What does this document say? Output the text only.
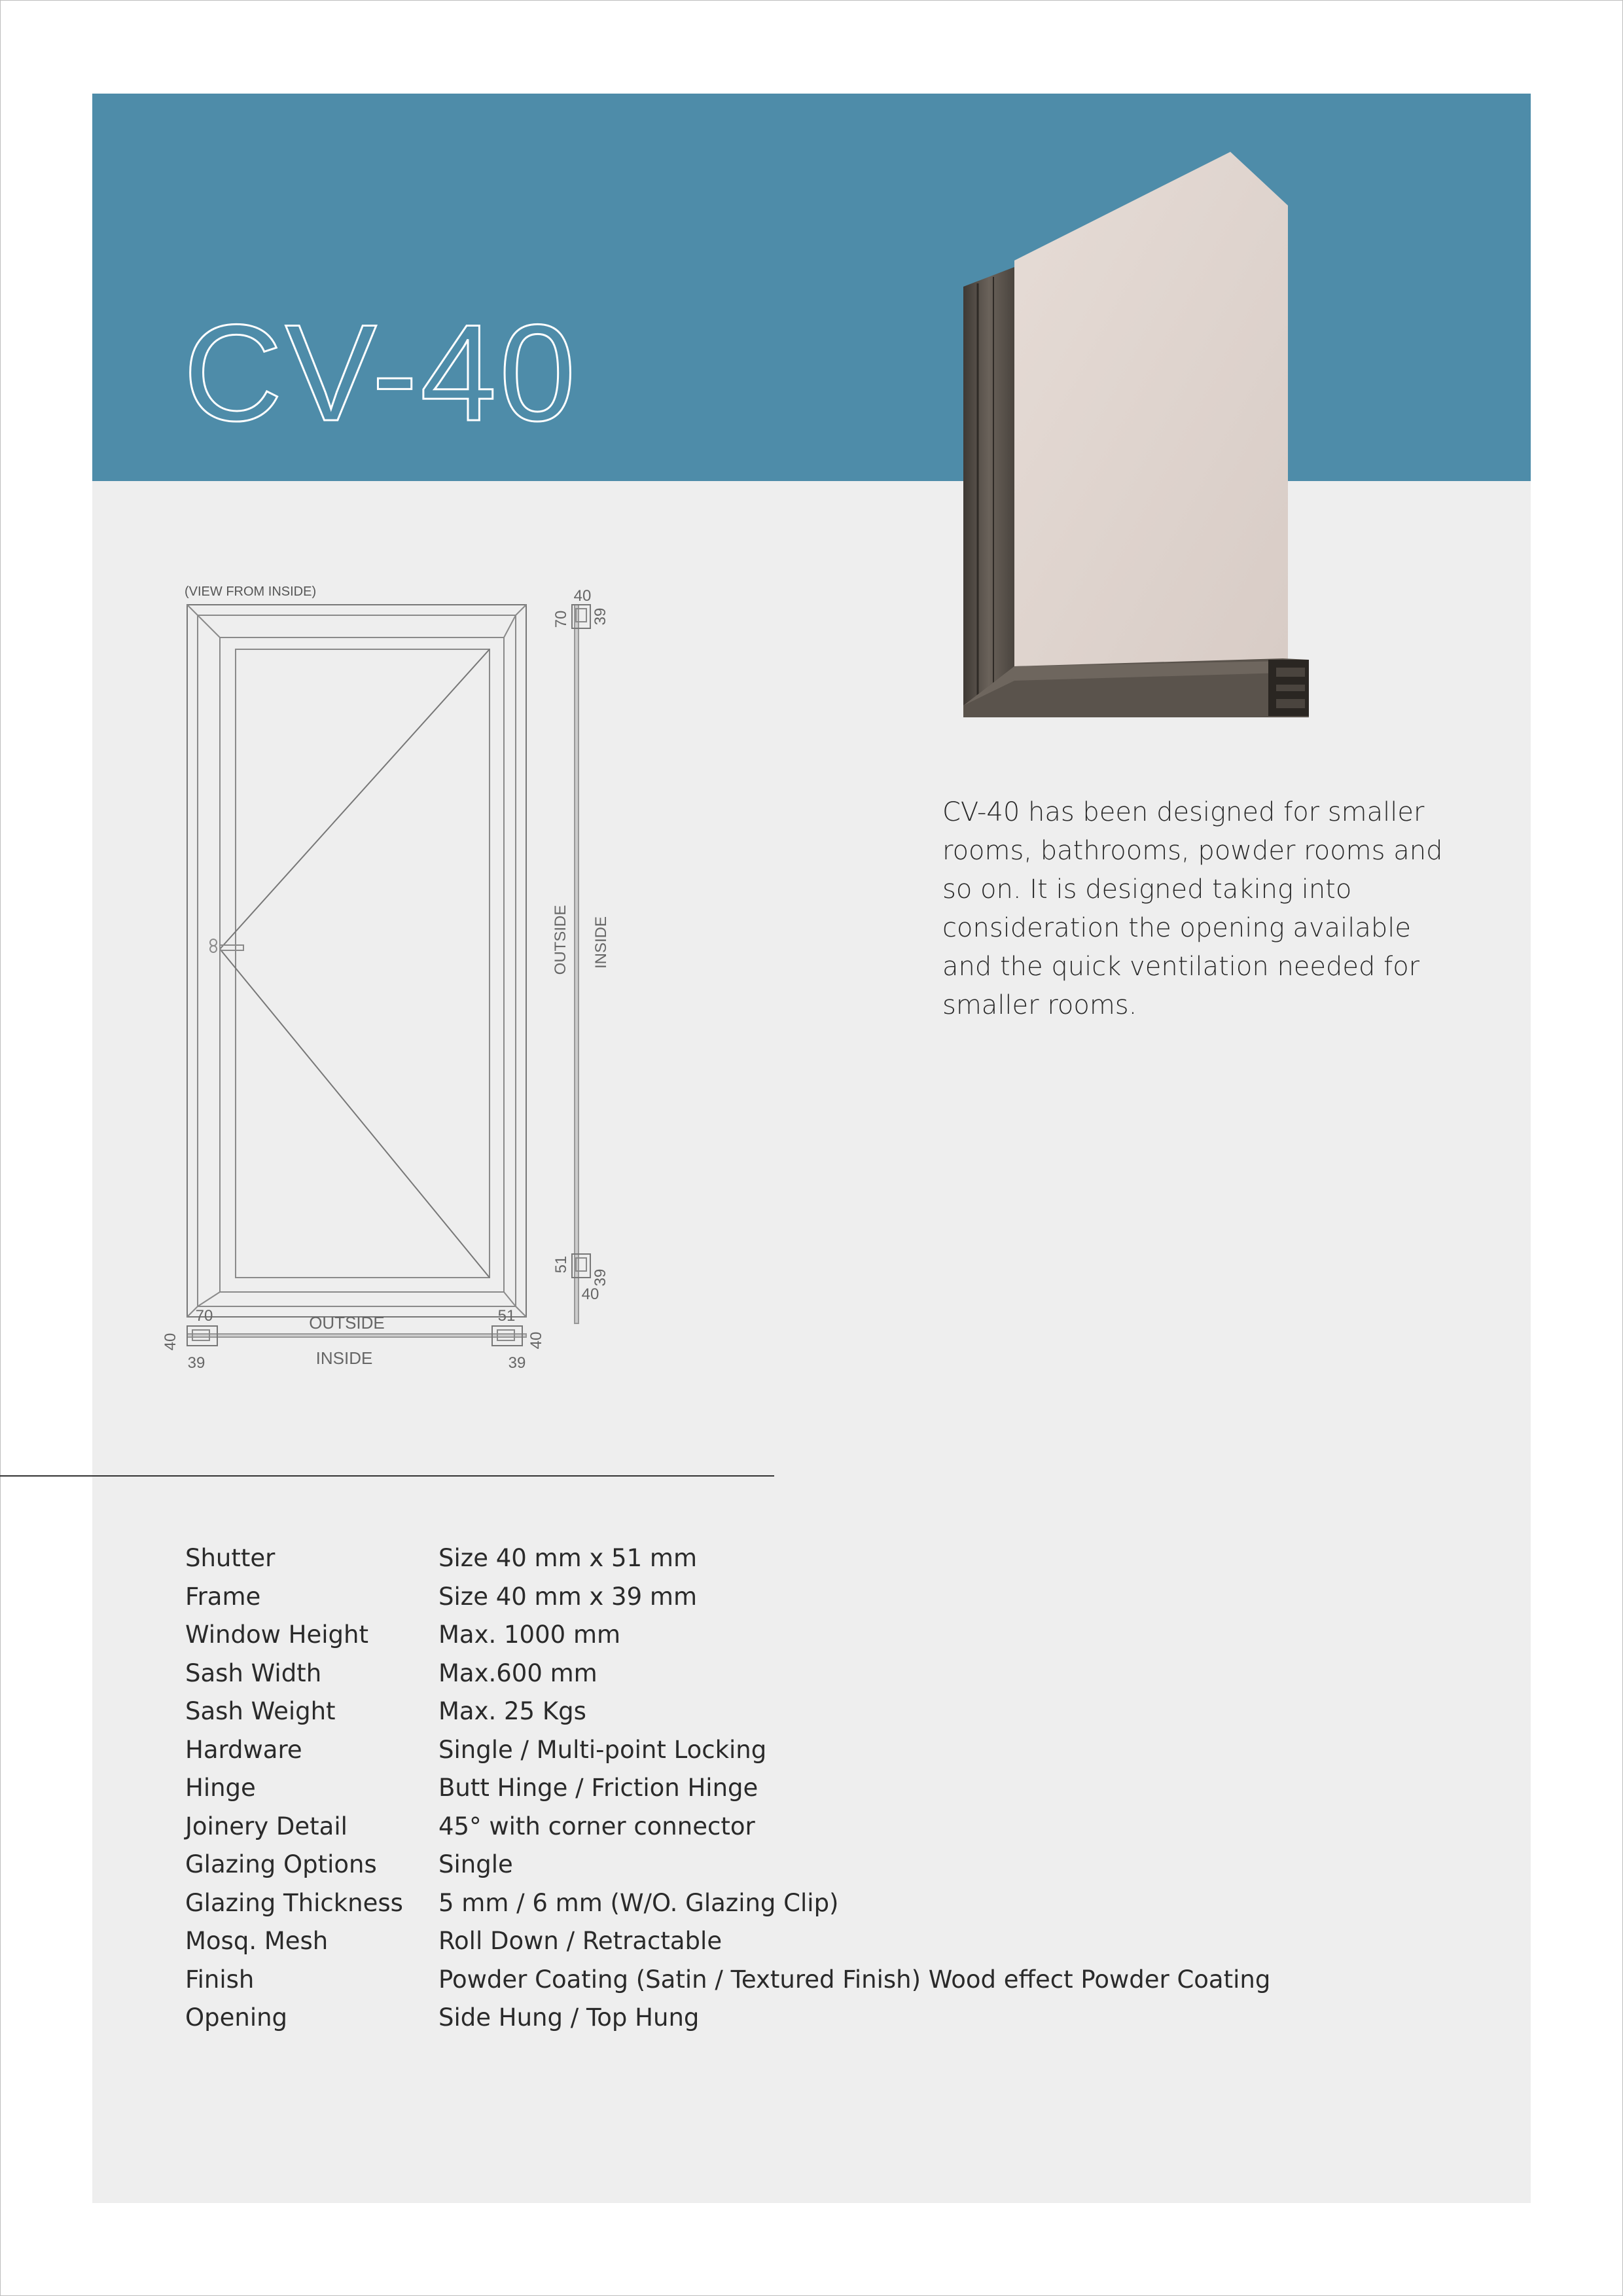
CV-40
CV-40 has been designed for smaller rooms, bathrooms, powder rooms and so on. It is designed taking into consideration the opening available and the quick ventilation needed for smaller rooms.
(VIEW FROM INSIDE)	40
70 39
OUTSIDE INSIDE
51
40
39
70
40
39
OUTSIDE
INSIDE
51
40
39
Shutter	Size 40 mm x 51 mm
Frame	Size 40 mm x 39 mm
Window Height	Max. 1000 mm
Sash Width	Max.600 mm
Sash Weight	Max. 25 Kgs
Hardware	Single / Multi-point Locking
Hinge	Butt Hinge / Friction Hinge
Joinery Detail	45° with corner connector
Glazing Options	Single
Glazing Thickness	5 mm / 6 mm (W/O. Glazing Clip)
Mosq. Mesh	Roll Down / Retractable
Finish	Powder Coating (Satin / Textured Finish) Wood effect Powder Coating
Opening	Side Hung / Top Hung
